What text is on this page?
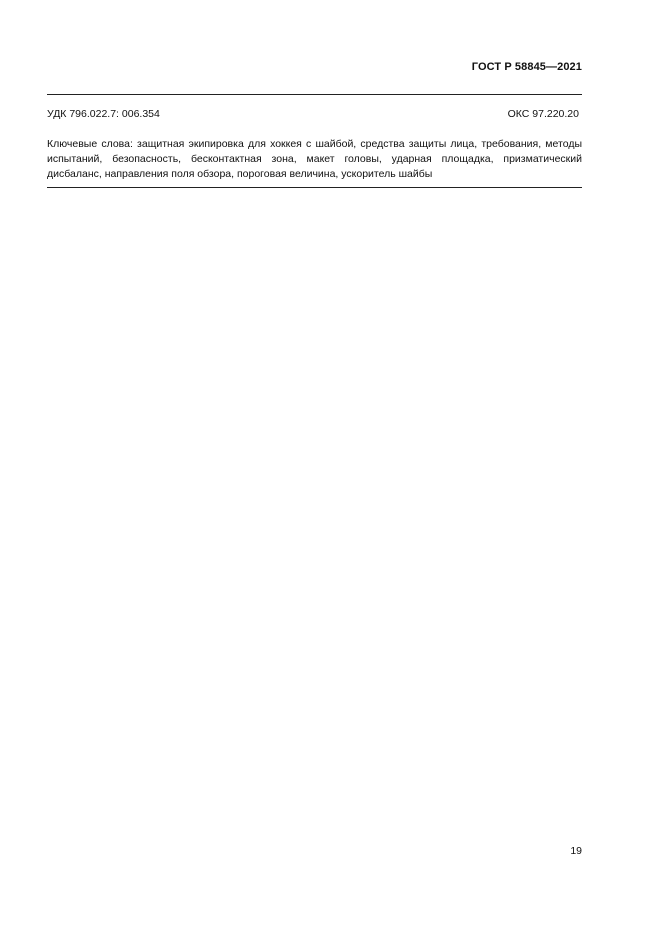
ГОСТ Р 58845—2021
УДК 796.022.7: 006.354	ОКС 97.220.20
Ключевые слова: защитная экипировка для хоккея с шайбой, средства защиты лица, требования, методы испытаний, безопасность, бесконтактная зона, макет головы, ударная площадка, призматический дисбаланс, направления поля обзора, пороговая величина, ускоритель шайбы
19
